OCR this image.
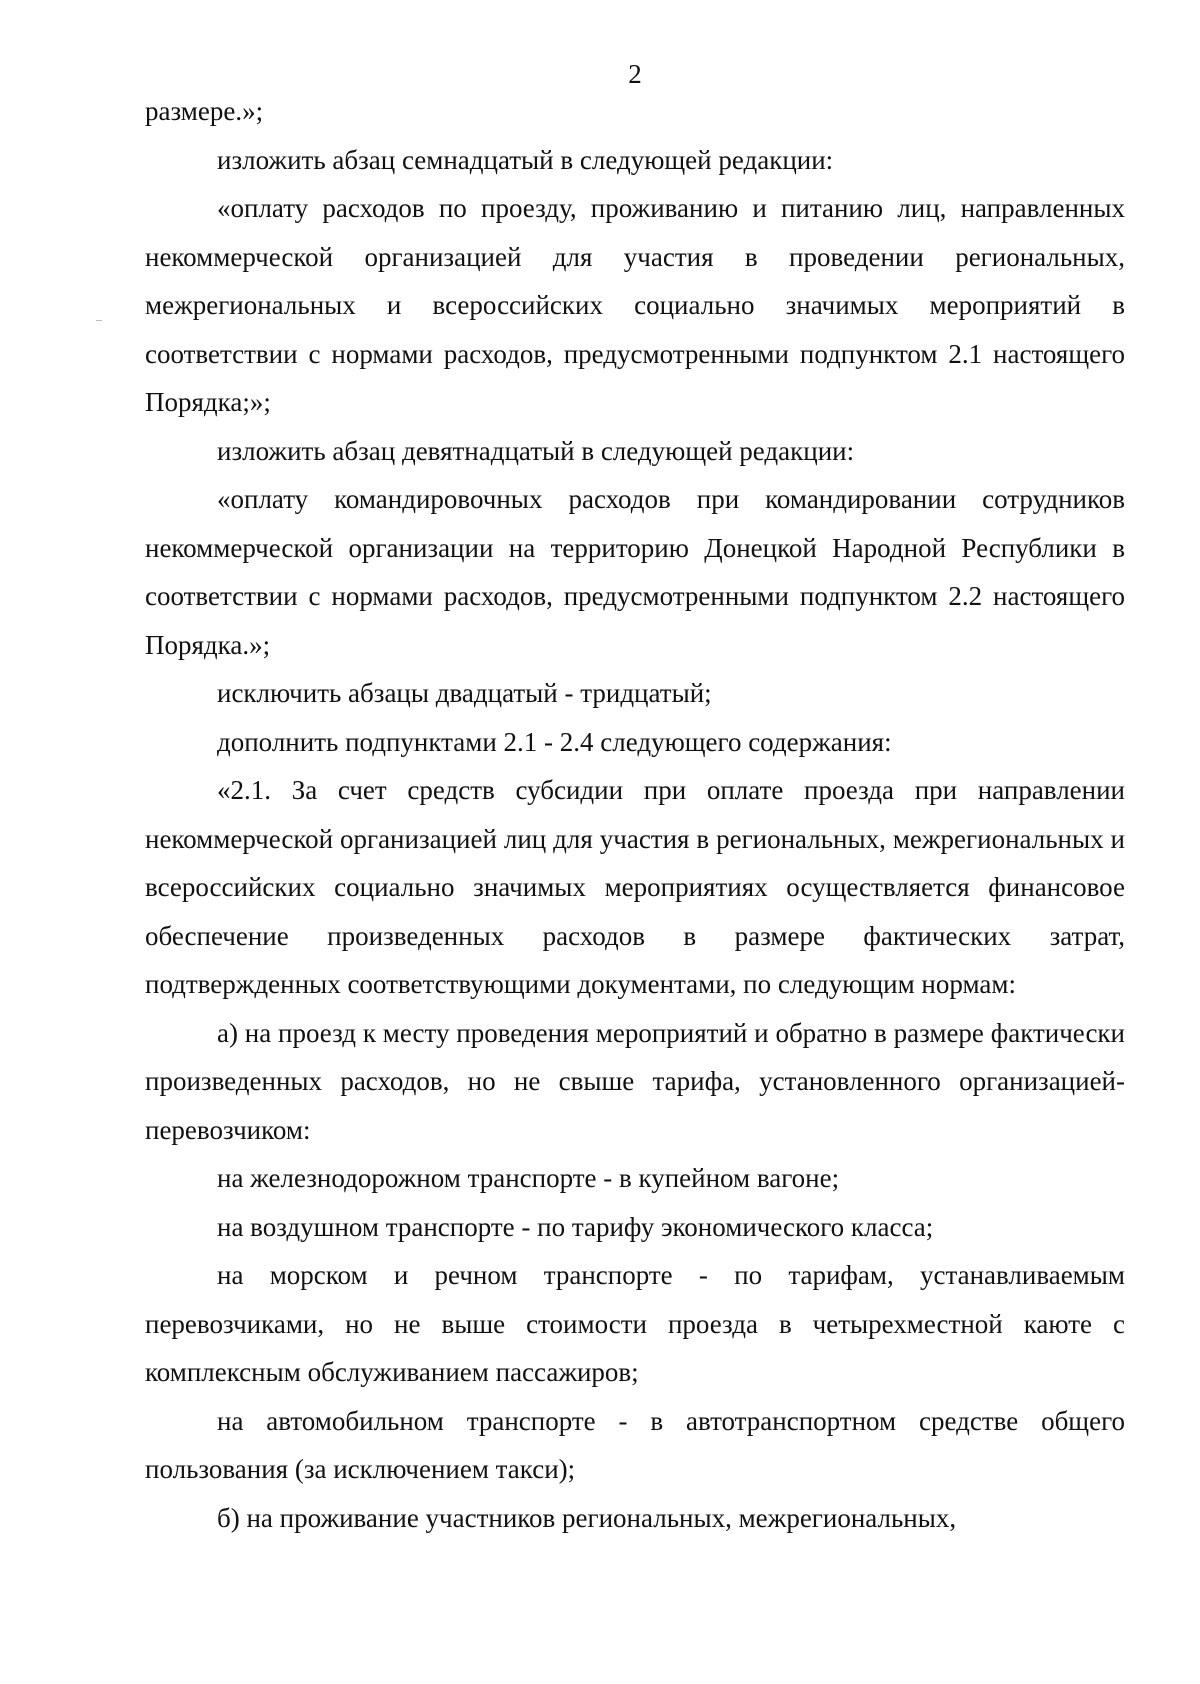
2

размере.»;

изложить абзац семнадцатый в следующей редакции:

«оплату расходов по проезду, проживанию и питанию лиц, направленных некоммерческой организацией для участия в проведении региональных, межрегиональных и всероссийских социально значимых мероприятий в соответствии с нормами расходов, предусмотренными подпунктом 2.1 настоящего Порядка;»;

изложить абзац девятнадцатый в следующей редакции:

«оплату командировочных расходов при командировании сотрудников некоммерческой организации на территорию Донецкой Народной Республики в соответствии с нормами расходов, предусмотренными подпунктом 2.2 настоящего Порядка.»;

исключить абзацы двадцатый - тридцатый;

дополнить подпунктами 2.1 - 2.4 следующего содержания:

«2.1. За счет средств субсидии при оплате проезда при направлении некоммерческой организацией лиц для участия в региональных, межрегиональных и всероссийских социально значимых мероприятиях осуществляется финансовое обеспечение произведенных расходов в размере фактических затрат, подтвержденных соответствующими документами, по следующим нормам:

а) на проезд к месту проведения мероприятий и обратно в размере фактически произведенных расходов, но не свыше тарифа, установленного организацией-перевозчиком:

на железнодорожном транспорте - в купейном вагоне;

на воздушном транспорте - по тарифу экономического класса;

на морском и речном транспорте - по тарифам, устанавливаемым перевозчиками, но не выше стоимости проезда в четырехместной каюте с комплексным обслуживанием пассажиров;

на автомобильном транспорте - в автотранспортном средстве общего пользования (за исключением такси);

б) на проживание участников региональных, межрегиональных,
